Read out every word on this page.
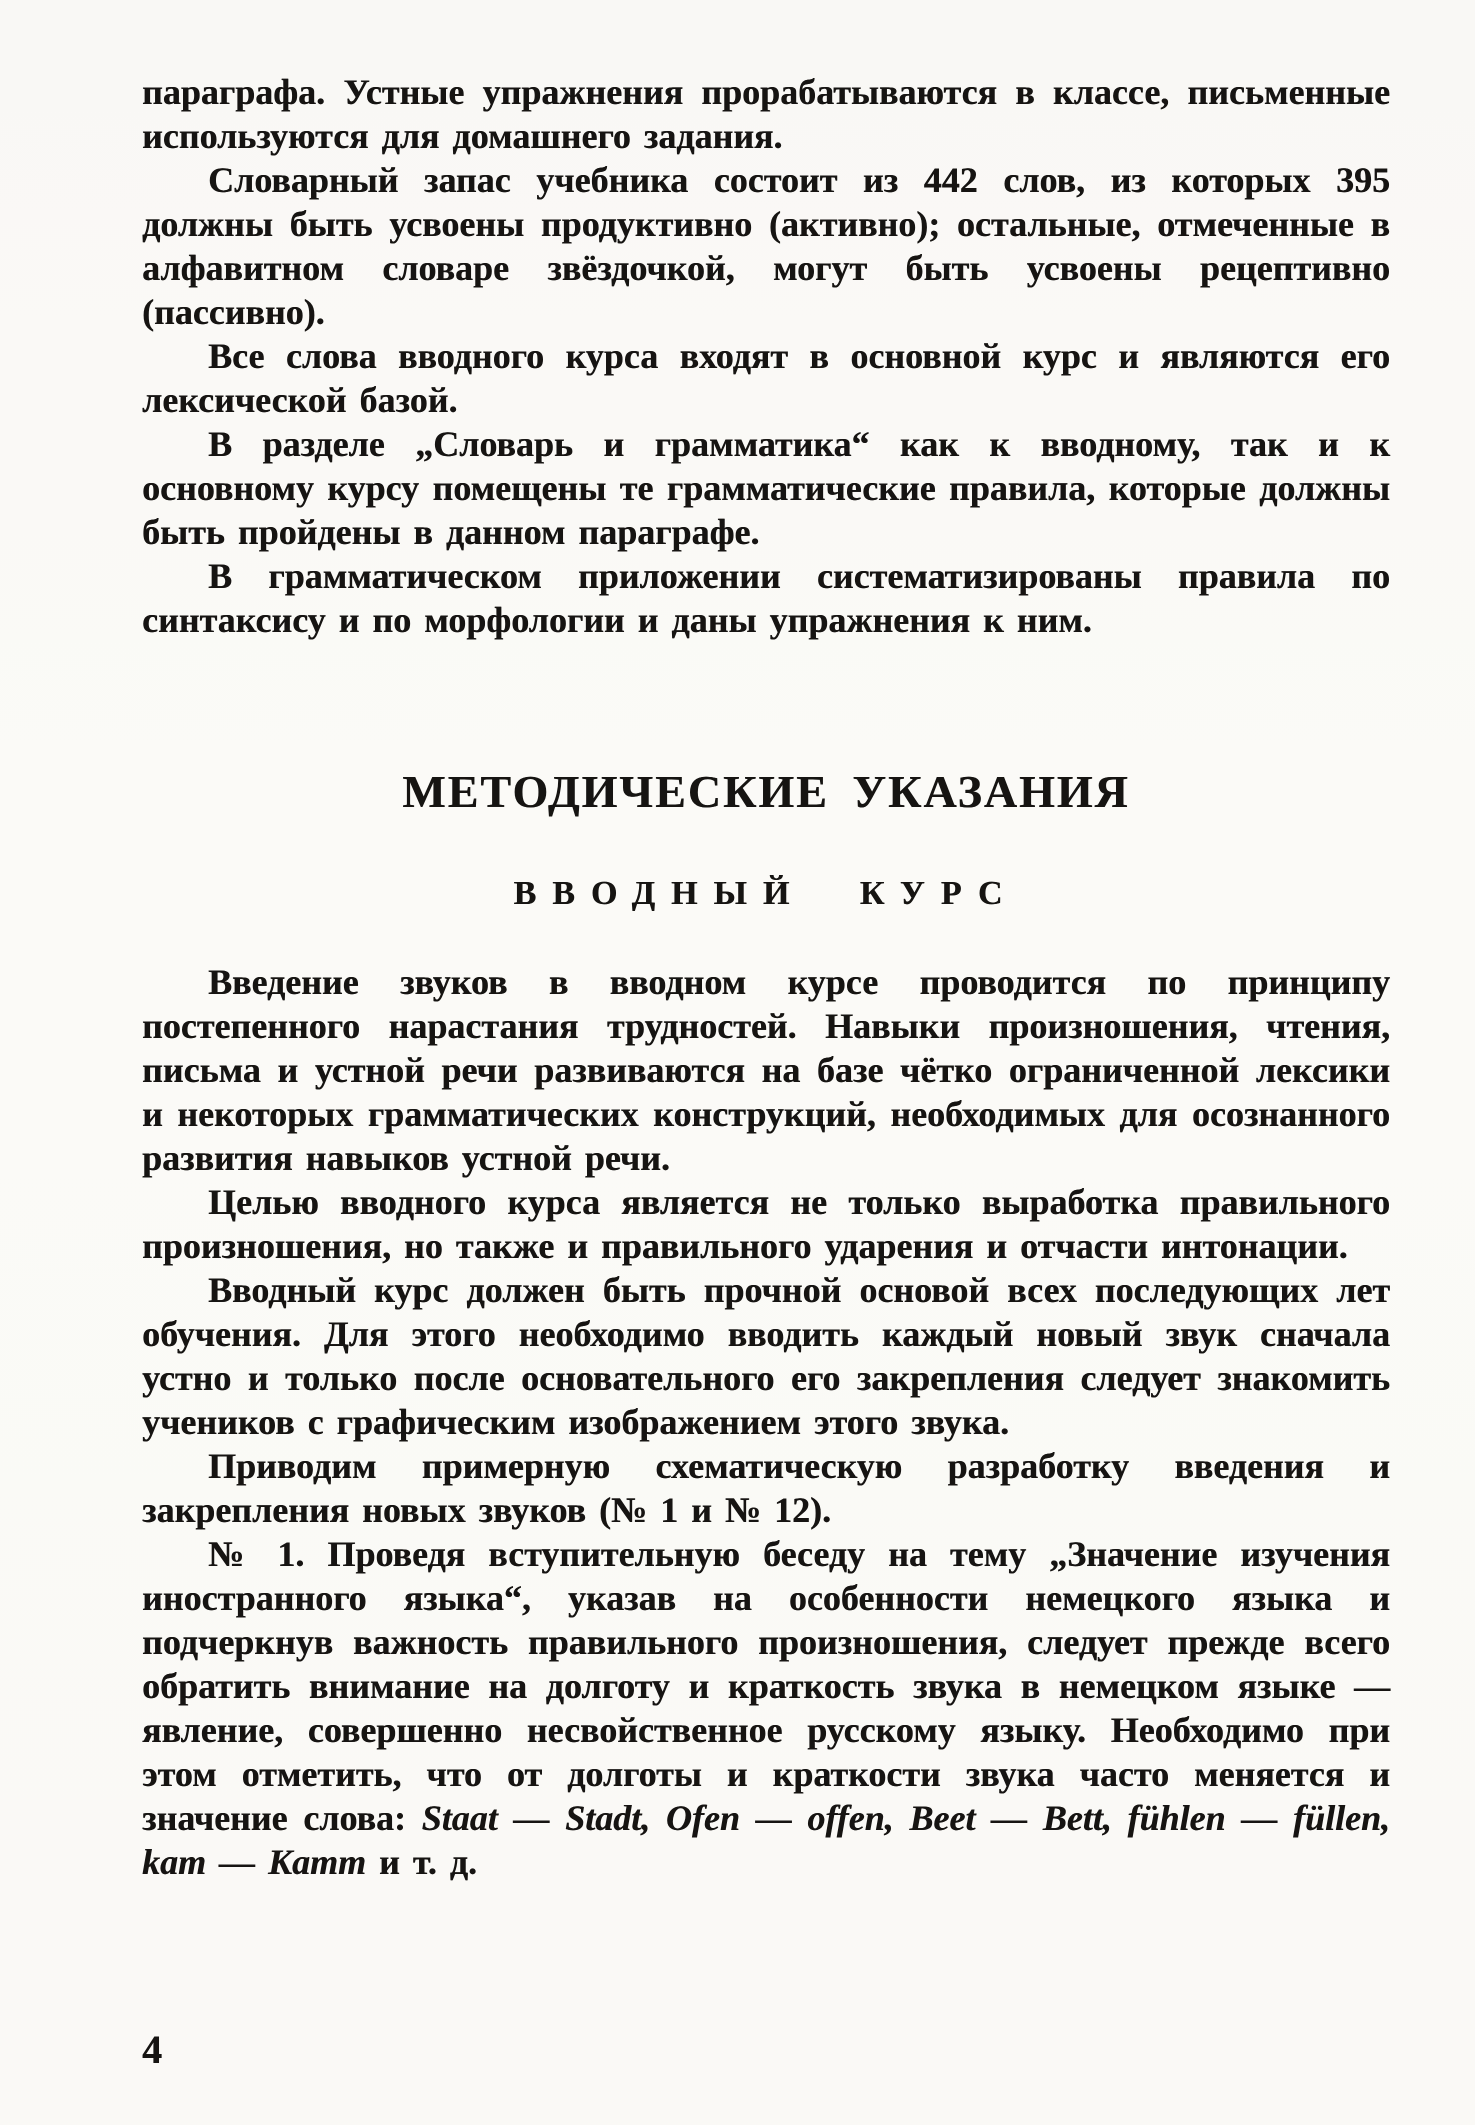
параграфа. Устные упражнения прорабатываются в классе, письменные используются для домашнего задания.

Словарный запас учебника состоит из 442 слов, из которых 395 должны быть усвоены продуктивно (активно); остальные, отмеченные в алфавитном словаре звёздочкой, могут быть усвоены рецептивно (пассивно).

Все слова вводного курса входят в основной курс и являются его лексической базой.

В разделе „Словарь и грамматика“ как к вводному, так и к основному курсу помещены те грамматические правила, которые должны быть пройдены в данном параграфе.

В грамматическом приложении систематизированы правила по синтаксису и по морфологии и даны упражнения к ним.

МЕТОДИЧЕСКИЕ УКАЗАНИЯ
ВВОДНЫЙ КУРС

Введение звуков в вводном курсе проводится по принципу постепенного нарастания трудностей. Навыки произношения, чтения, письма и устной речи развиваются на базе чётко ограниченной лексики и некоторых грамматических конструкций, необходимых для осознанного развития навыков устной речи.

Целью вводного курса является не только выработка правильного произношения, но также и правильного ударения и отчасти интонации.

Вводный курс должен быть прочной основой всех последующих лет обучения. Для этого необходимо вводить каждый новый звук сначала устно и только после основательного его закрепления следует знакомить учеников с графическим изображением этого звука.

Приводим примерную схематическую разработку введения и закрепления новых звуков (№ 1 и № 12).

№ 1. Проведя вступительную беседу на тему „Значение изучения иностранного языка“, указав на особенности немецкого языка и подчеркнув важность правильного произношения, следует прежде всего обратить внимание на долготу и краткость звука в немецком языке — явление, совершенно несвойственное русскому языку. Необходимо при этом отметить, что от долготы и краткости звука часто меняется и значение слова: Staat — Stadt, Ofen — offen, Beet — Bett, fühlen — füllen, kam — Kamm и т. д.

4
